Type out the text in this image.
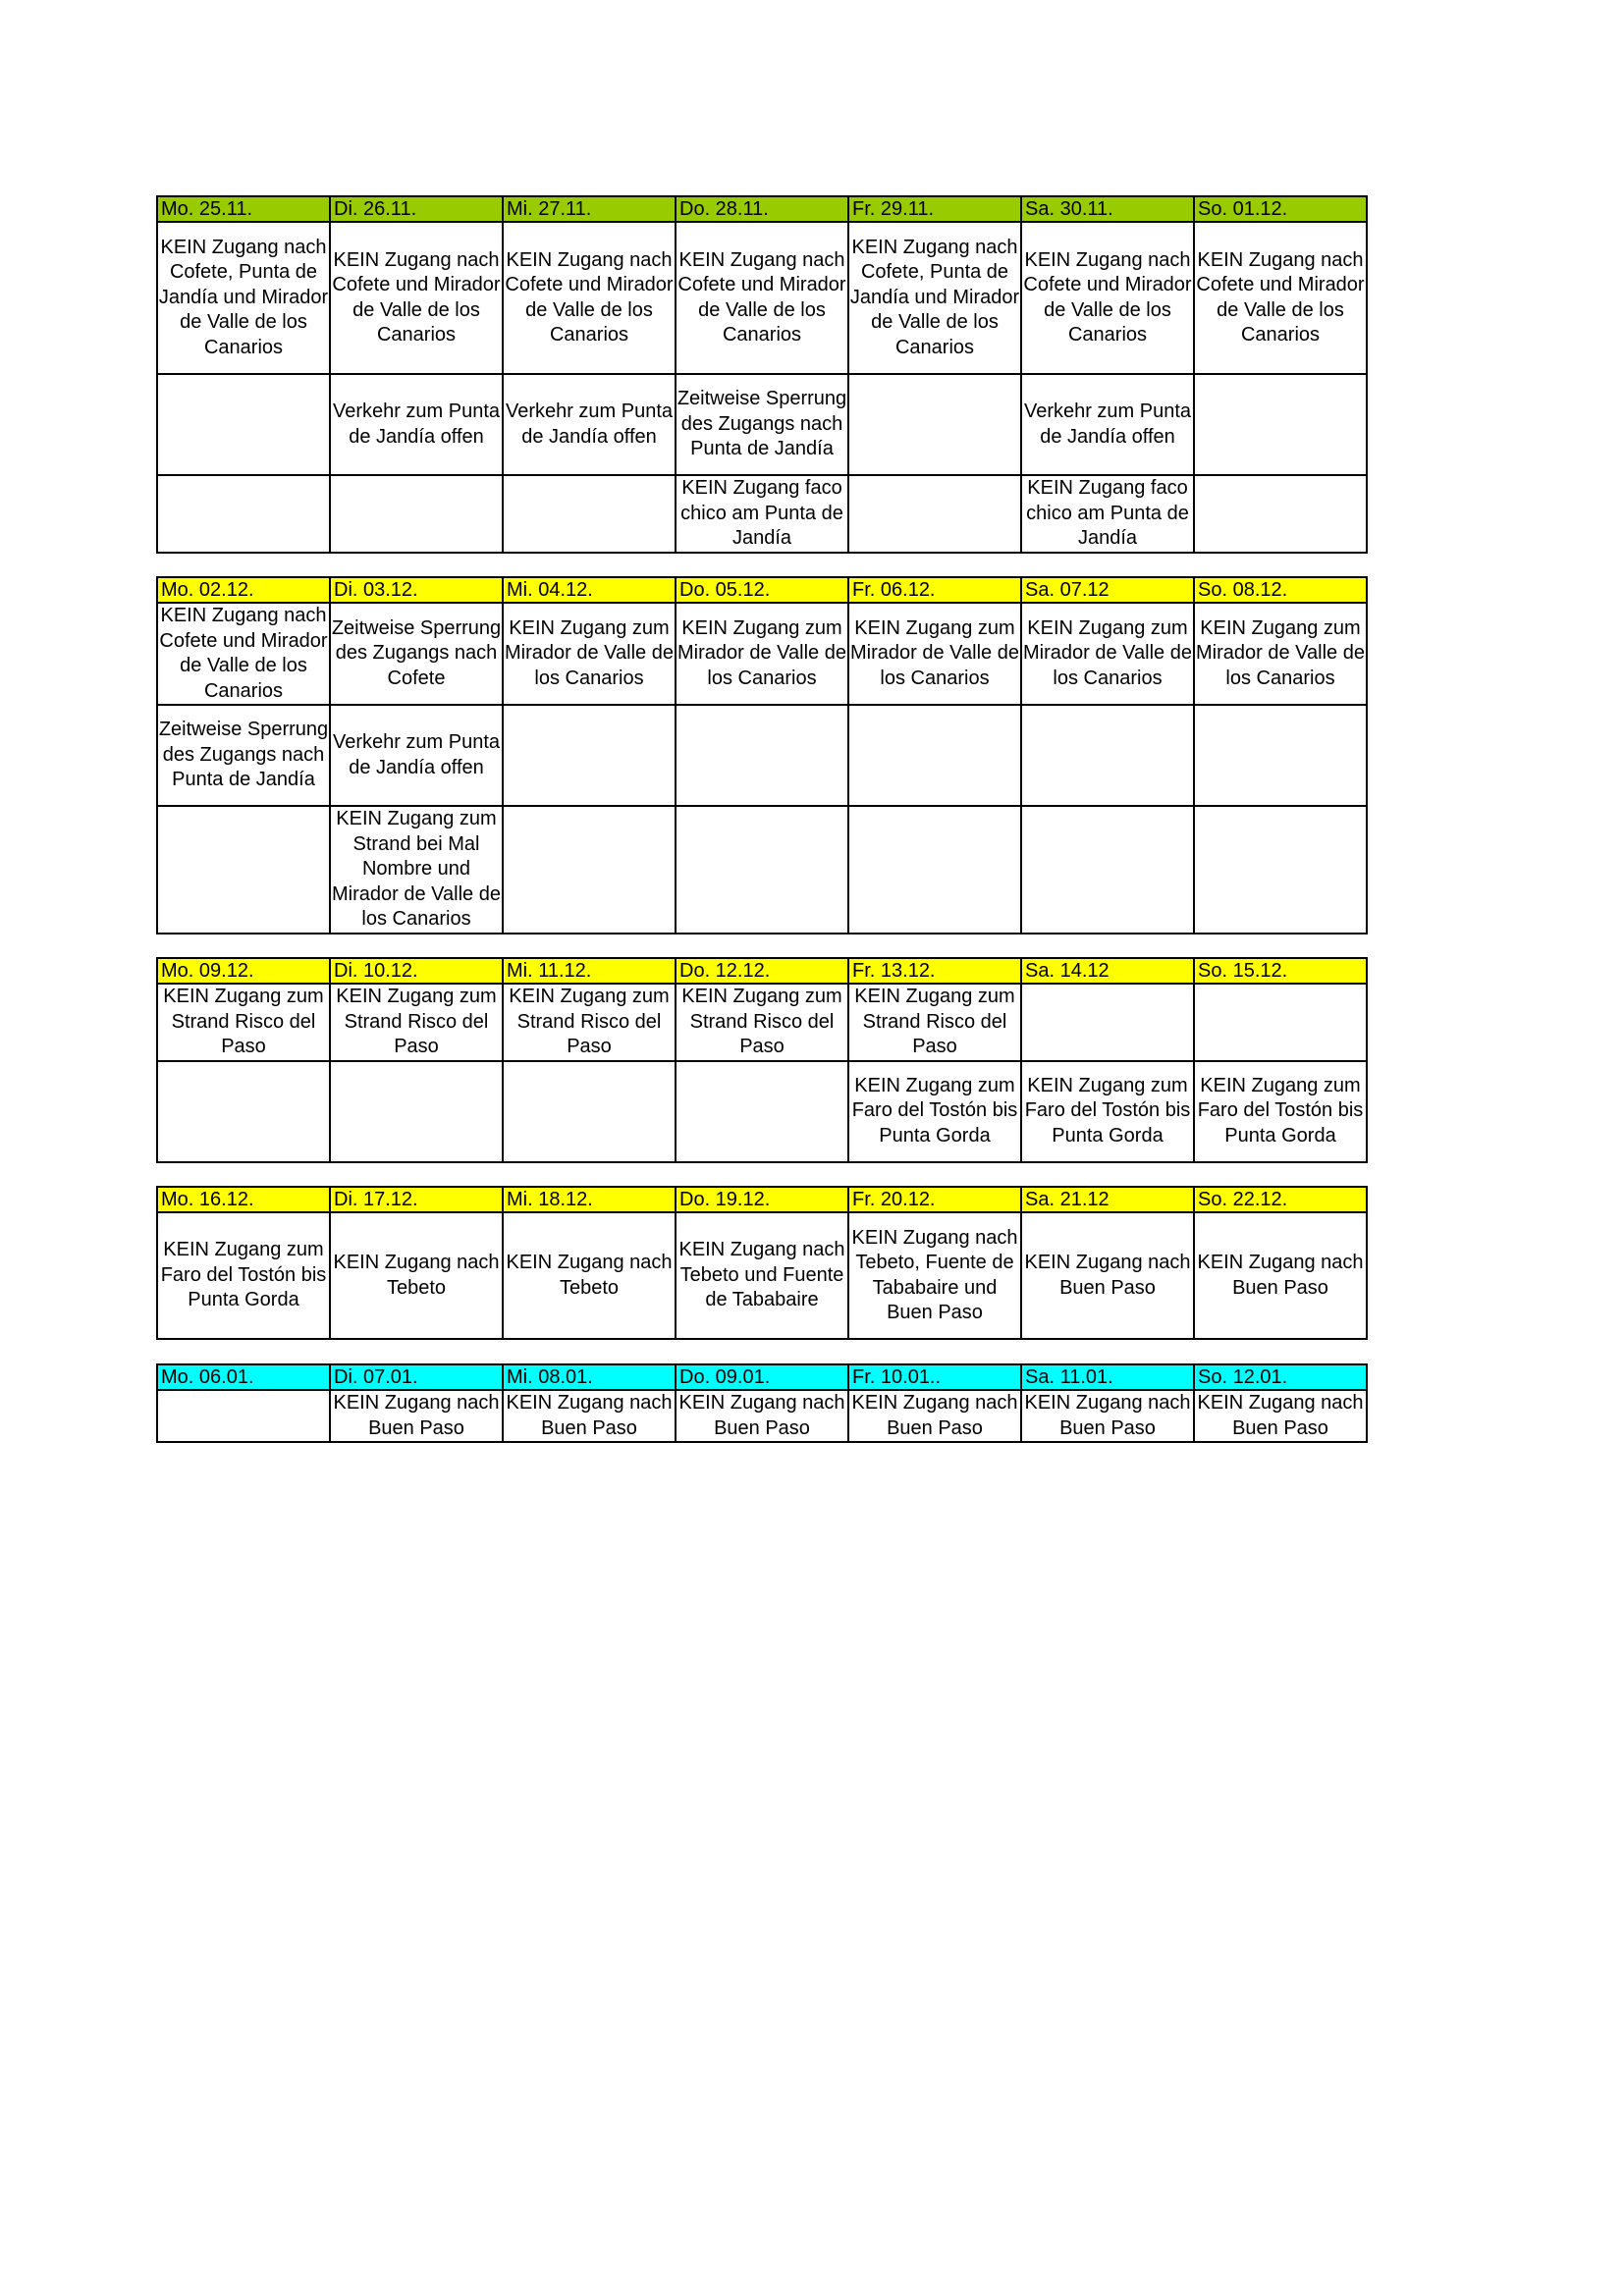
Mo. 25.11.	Di. 26.11.	Mi. 27.11.	Do. 28.11.	Fr. 29.11.	Sa. 30.11.	So. 01.12.
KEIN Zugang nach Cofete, Punta de Jandía und Mirador de Valle de los Canarios	KEIN Zugang nach Cofete und Mirador de Valle de los Canarios	KEIN Zugang nach Cofete und Mirador de Valle de los Canarios	KEIN Zugang nach Cofete und Mirador de Valle de los Canarios	KEIN Zugang nach Cofete, Punta de Jandía und Mirador de Valle de los Canarios	KEIN Zugang nach Cofete und Mirador de Valle de los Canarios	KEIN Zugang nach Cofete und Mirador de Valle de los Canarios
	Verkehr zum Punta de Jandía offen	Verkehr zum Punta de Jandía offen	Zeitweise Sperrung des Zugangs nach Punta de Jandía		Verkehr zum Punta de Jandía offen	
			KEIN Zugang faco chico am Punta de Jandía		KEIN Zugang faco chico am Punta de Jandía	
Mo. 02.12.	Di. 03.12.	Mi. 04.12.	Do. 05.12.	Fr. 06.12.	Sa. 07.12	So. 08.12.
KEIN Zugang nach Cofete und Mirador de Valle de los Canarios	Zeitweise Sperrung des Zugangs nach Cofete	KEIN Zugang zum Mirador de Valle de los Canarios	KEIN Zugang zum Mirador de Valle de los Canarios	KEIN Zugang zum Mirador de Valle de los Canarios	KEIN Zugang zum Mirador de Valle de los Canarios	KEIN Zugang zum Mirador de Valle de los Canarios
Zeitweise Sperrung des Zugangs nach Punta de Jandía	Verkehr zum Punta de Jandía offen					
	KEIN Zugang zum Strand bei Mal Nombre und Mirador de Valle de los Canarios					
Mo. 09.12.	Di. 10.12.	Mi. 11.12.	Do. 12.12.	Fr. 13.12.	Sa. 14.12	So. 15.12.
KEIN Zugang zum Strand Risco del Paso	KEIN Zugang zum Strand Risco del Paso	KEIN Zugang zum Strand Risco del Paso	KEIN Zugang zum Strand Risco del Paso	KEIN Zugang zum Strand Risco del Paso		
				KEIN Zugang zum Faro del Tostón bis Punta Gorda	KEIN Zugang zum Faro del Tostón bis Punta Gorda	KEIN Zugang zum Faro del Tostón bis Punta Gorda
Mo. 16.12.	Di. 17.12.	Mi. 18.12.	Do. 19.12.	Fr. 20.12.	Sa. 21.12	So. 22.12.
KEIN Zugang zum Faro del Tostón bis Punta Gorda	KEIN Zugang nach Tebeto	KEIN Zugang nach Tebeto	KEIN Zugang nach Tebeto und Fuente de Tababaire	KEIN Zugang nach Tebeto, Fuente de Tababaire und Buen Paso	KEIN Zugang nach Buen Paso	KEIN Zugang nach Buen Paso
Mo. 06.01.	Di. 07.01.	Mi. 08.01.	Do. 09.01.	Fr. 10.01..	Sa. 11.01.	So. 12.01.
	KEIN Zugang nach Buen Paso	KEIN Zugang nach Buen Paso	KEIN Zugang nach Buen Paso	KEIN Zugang nach Buen Paso	KEIN Zugang nach Buen Paso	KEIN Zugang nach Buen Paso
